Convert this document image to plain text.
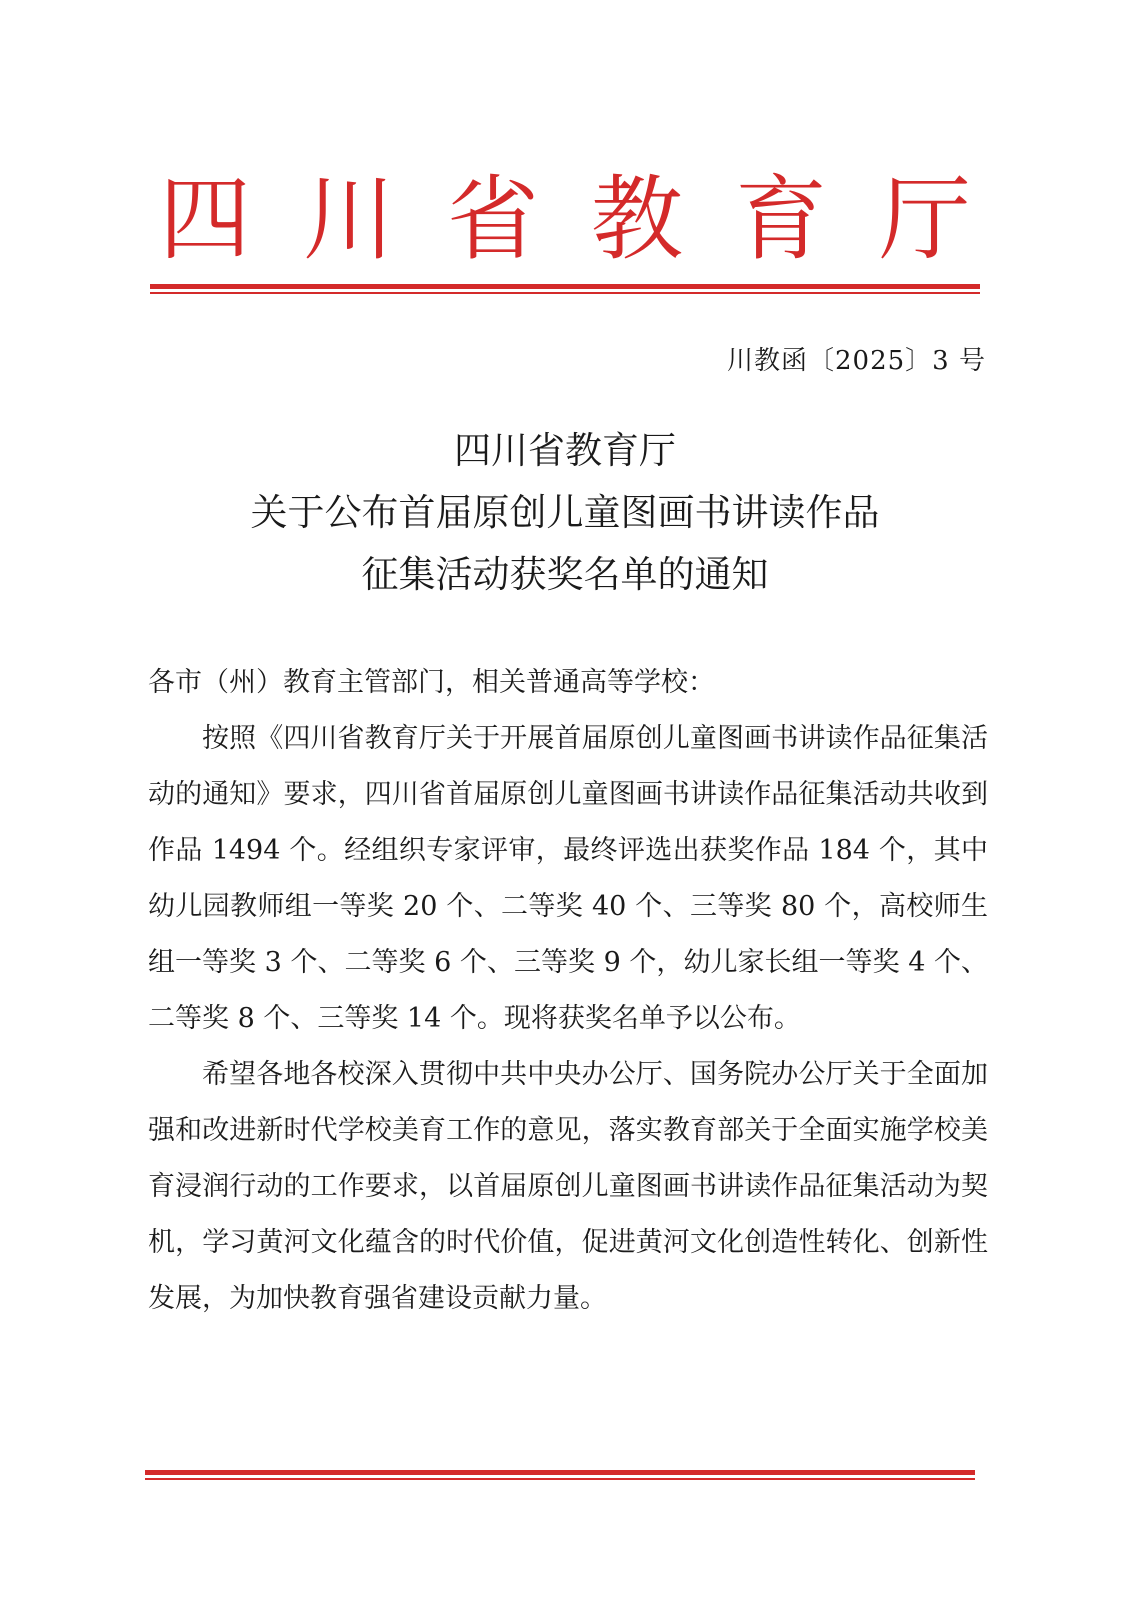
四 川 省 教 育 厅
川教函〔2025〕3 号
四川省教育厅
关于公布首届原创儿童图画书讲读作品
征集活动获奖名单的通知

各市（州）教育主管部门，相关普通高等学校：

按照《四川省教育厅关于开展首届原创儿童图画书讲读作品征集活动的通知》要求，四川省首届原创儿童图画书讲读作品征集活动共收到作品 1494 个。经组织专家评审，最终评选出获奖作品 184 个，其中幼儿园教师组一等奖 20 个、二等奖 40 个、三等奖 80 个，高校师生组一等奖 3 个、二等奖 6 个、三等奖 9 个，幼儿家长组一等奖 4 个、二等奖 8 个、三等奖 14 个。现将获奖名单予以公布。

希望各地各校深入贯彻中共中央办公厅、国务院办公厅关于全面加强和改进新时代学校美育工作的意见，落实教育部关于全面实施学校美育浸润行动的工作要求，以首届原创儿童图画书讲读作品征集活动为契机，学习黄河文化蕴含的时代价值，促进黄河文化创造性转化、创新性发展，为加快教育强省建设贡献力量。
